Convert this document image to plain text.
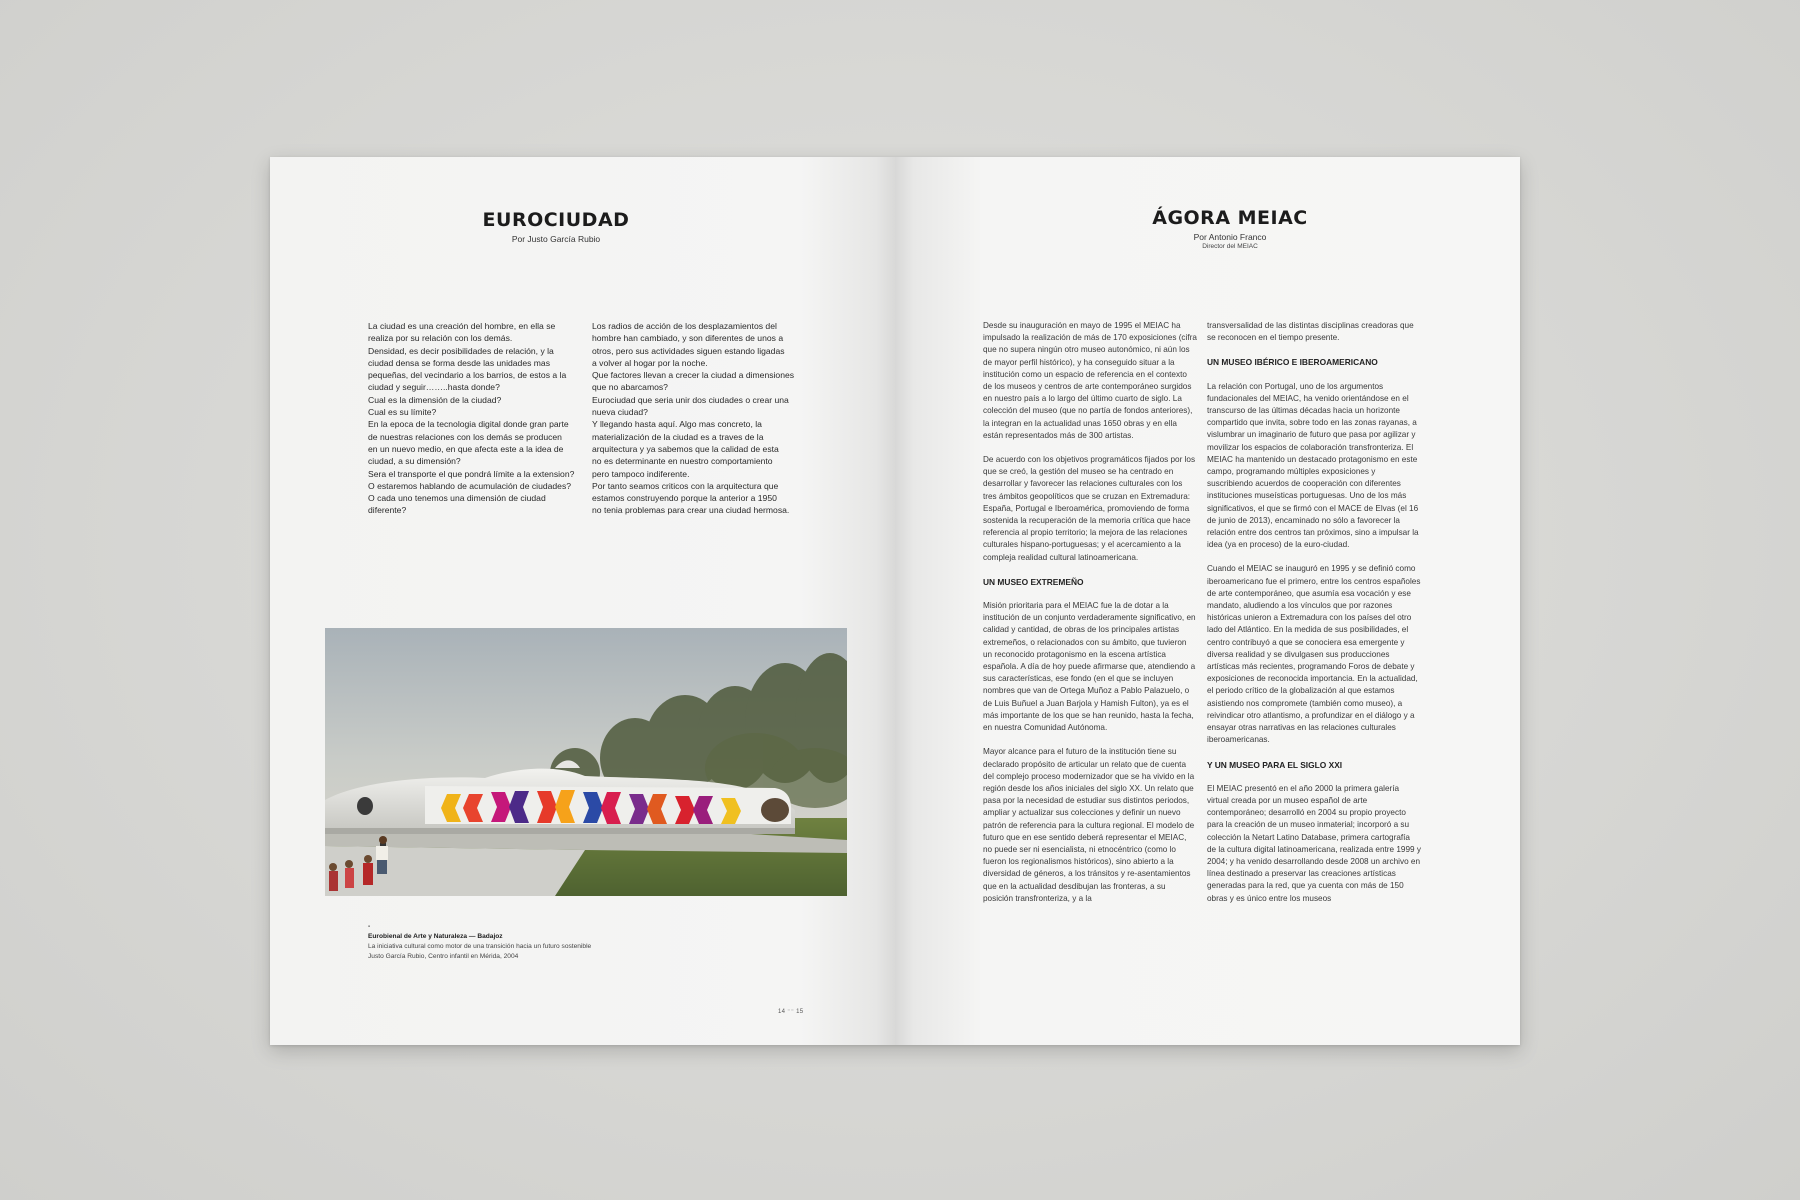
EUROCIUDAD
Por Justo García Rubio

La ciudad es una creación del hombre, en ella se

realiza por su relación con los demás.

Densidad, es decir posibilidades de relación, y la

ciudad densa se forma desde las unidades mas

pequeñas, del vecindario a los barrios, de estos a la

ciudad y seguir……..hasta donde?

Cual es la dimensión de la ciudad?

Cual es su límite?

En la epoca de la tecnologia digital donde gran parte

de nuestras relaciones con los demás se producen

en un nuevo medio, en que afecta este a la idea de

ciudad, a su dimensión?

Sera el transporte el que pondrá límite a la extension?

O estaremos hablando de acumulación de ciudades?

O cada uno tenemos una dimensión de ciudad

diferente?

Los radios de acción de los desplazamientos del

hombre han cambiado, y son diferentes de unos a

otros, pero sus actividades siguen estando ligadas

a volver al hogar por la noche.

Que factores llevan a crecer la ciudad a dimensiones

que no abarcamos?

Eurociudad que seria unir dos ciudades o crear una

nueva ciudad?

Y llegando hasta aquí. Algo mas concreto, la

materialización de la ciudad es a traves de la

arquitectura y ya sabemos que la calidad de esta

no es determinante en nuestro comportamiento

pero tampoco indiferente.

Por tanto seamos criticos con la arquitectura que

estamos construyendo porque la anterior a 1950

no tenia problemas para crear una ciudad hermosa.

-
Eurobienal de Arte y Naturaleza — Badajoz
La iniciativa cultural como motor de una transición hacia un futuro sostenible
Justo García Rubio, Centro infantil en Mérida, 2004
14 ⁻⁻ 15
ÁGORA MEIAC
Por Antonio Franco
Director del MEIAC

Desde su inauguración en mayo de 1995 el MEIAC ha impulsado la realización de más de 170 exposiciones (cifra que no supera ningún otro museo autonómico, ni aún los de mayor perfil histórico), y ha conseguido situar a la institución como un espacio de referencia en el contexto de los museos y centros de arte contemporáneo surgidos en nuestro país a lo largo del último cuarto de siglo. La colección del museo (que no partía de fondos anteriores), la integran en la actualidad unas 1650 obras y en ella están representados más de 300 artistas.

De acuerdo con los objetivos programáticos fijados por los que se creó, la gestión del museo se ha centrado en desarrollar y favorecer las relaciones culturales con los tres ámbitos geopolíticos que se cruzan en Extremadura: España, Portugal e Iberoamérica, promoviendo de forma sostenida la recuperación de la memoria crítica que hace referencia al propio territorio; la mejora de las relaciones culturales hispano-portuguesas; y el acercamiento a la compleja realidad cultural latinoamericana.

UN MUSEO EXTREMEÑO

Misión prioritaria para el MEIAC fue la de dotar a la institución de un conjunto verdaderamente significativo, en calidad y cantidad, de obras de los principales artistas extremeños, o relacionados con su ámbito, que tuvieron un reconocido protagonismo en la escena artística española. A día de hoy puede afirmarse que, atendiendo a sus características, ese fondo (en el que se incluyen nombres que van de Ortega Muñoz a Pablo Palazuelo, o de Luis Buñuel a Juan Barjola y Hamish Fulton), ya es el más importante de los que se han reunido, hasta la fecha, en nuestra Comunidad Autónoma.

Mayor alcance para el futuro de la institución tiene su declarado propósito de articular un relato que de cuenta del complejo proceso modernizador que se ha vivido en la región desde los años iniciales del siglo XX. Un relato que pasa por la necesidad de estudiar sus distintos periodos, ampliar y actualizar sus colecciones y definir un nuevo patrón de referencia para la cultura regional. El modelo de futuro que en ese sentido deberá representar el MEIAC, no puede ser ni esencialista, ni etnocéntrico (como lo fueron los regionalismos históricos), sino abierto a la diversidad de géneros, a los tránsitos y re-asentamientos que en la actualidad desdibujan las fronteras, a su posición transfronteriza, y a la

transversalidad de las distintas disciplinas creadoras que se reconocen en el tiempo presente.

UN MUSEO IBÉRICO E IBEROAMERICANO

La relación con Portugal, uno de los argumentos fundacionales del MEIAC, ha venido orientándose en el transcurso de las últimas décadas hacia un horizonte compartido que invita, sobre todo en las zonas rayanas, a vislumbrar un imaginario de futuro que pasa por agilizar y movilizar los espacios de colaboración transfronteriza. El MEIAC ha mantenido un destacado protagonismo en este campo, programando múltiples exposiciones y suscribiendo acuerdos de cooperación con diferentes instituciones museísticas portuguesas. Uno de los más significativos, el que se firmó con el MACE de Elvas (el 16 de junio de 2013), encaminado no sólo a favorecer la relación entre dos centros tan próximos, sino a impulsar la idea (ya en proceso) de la euro-ciudad.

Cuando el MEIAC se inauguró en 1995 y se definió como iberoamericano fue el primero, entre los centros españoles de arte contemporáneo, que asumía esa vocación y ese mandato, aludiendo a los vínculos que por razones históricas unieron a Extremadura con los países del otro lado del Atlántico. En la medida de sus posibilidades, el centro contribuyó a que se conociera esa emergente y diversa realidad y se divulgasen sus producciones artísticas más recientes, programando Foros de debate y exposiciones de reconocida importancia. En la actualidad, el periodo crítico de la globalización al que estamos asistiendo nos compromete (también como museo), a reivindicar otro atlantismo, a profundizar en el diálogo y a ensayar otras narrativas en las relaciones culturales iberoamericanas.

Y UN MUSEO PARA EL SIGLO XXI

El MEIAC presentó en el año 2000 la primera galería virtual creada por un museo español de arte contemporáneo; desarrolló en 2004 su propio proyecto para la creación de un museo inmaterial; incorporó a su colección la Netart Latino Database, primera cartografía de la cultura digital latinoamericana, realizada entre 1999 y 2004; y ha venido desarrollando desde 2008 un archivo en línea destinado a preservar las creaciones artísticas generadas para la red, que ya cuenta con más de 150 obras y es único entre los museos
